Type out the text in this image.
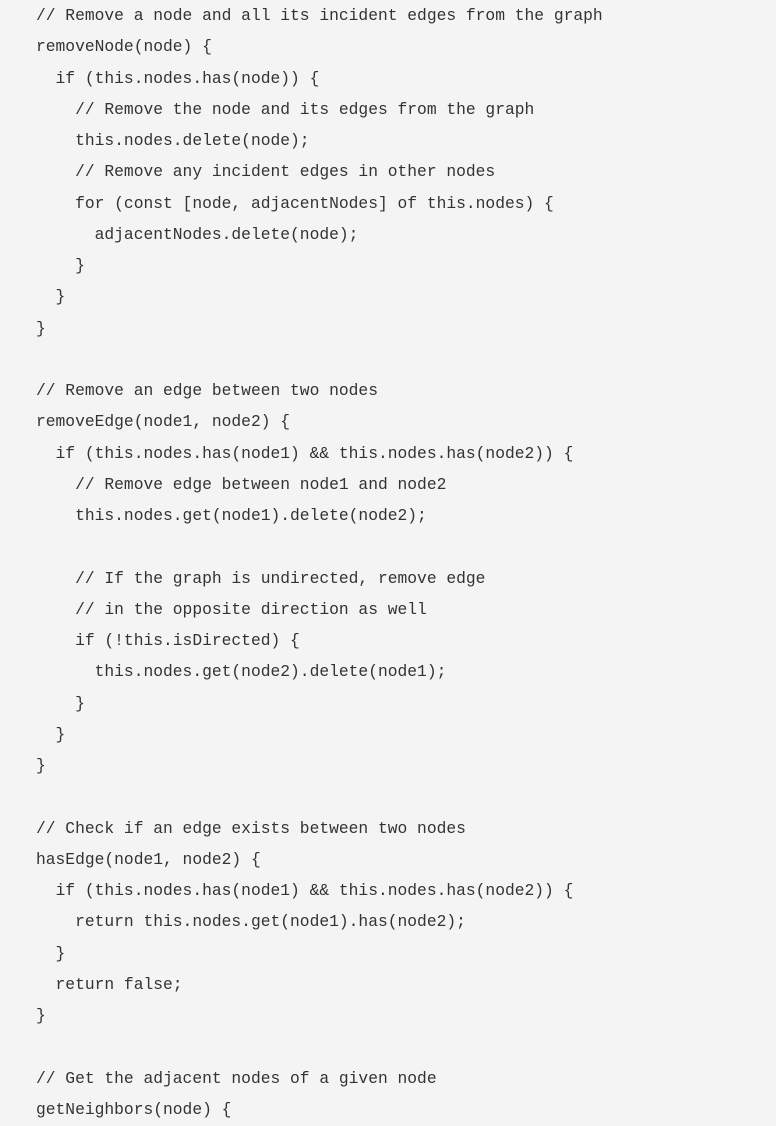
// Remove a node and all its incident edges from the graph
removeNode(node) {
if (this.nodes.has(node)) {
// Remove the node and its edges from the graph
this.nodes.delete(node);
// Remove any incident edges in other nodes
for (const [node, adjacentNodes] of this.nodes) {
adjacentNodes.delete(node);
}
}
}
// Remove an edge between two nodes
removeEdge(node1, node2) {
if (this.nodes.has(node1) && this.nodes.has(node2)) {
// Remove edge between node1 and node2
this.nodes.get(node1).delete(node2);
// If the graph is undirected, remove edge
// in the opposite direction as well
if (!this.isDirected) {
this.nodes.get(node2).delete(node1);
}
}
}
// Check if an edge exists between two nodes
hasEdge(node1, node2) {
if (this.nodes.has(node1) && this.nodes.has(node2)) {
return this.nodes.get(node1).has(node2);
}
return false;
}
// Get the adjacent nodes of a given node
getNeighbors(node) {
